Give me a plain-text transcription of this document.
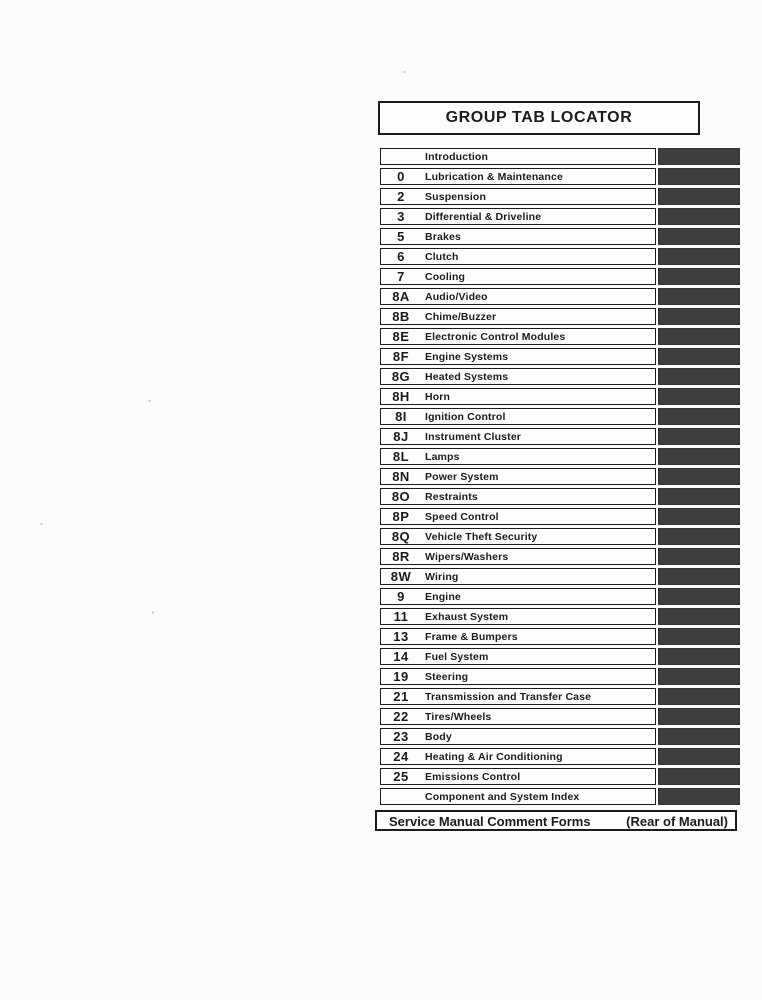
GROUP TAB LOCATOR
Introduction
0	Lubrication & Maintenance
2	Suspension
3	Differential & Driveline
5	Brakes
6	Clutch
7	Cooling
8A	Audio/Video
8B	Chime/Buzzer
8E	Electronic Control Modules
8F	Engine Systems
8G	Heated Systems
8H	Horn
8I	Ignition Control
8J	Instrument Cluster
8L	Lamps
8N	Power System
8O	Restraints
8P	Speed Control
8Q	Vehicle Theft Security
8R	Wipers/Washers
8W	Wiring
9	Engine
11	Exhaust System
13	Frame & Bumpers
14	Fuel System
19	Steering
21	Transmission and Transfer Case
22	Tires/Wheels
23	Body
24	Heating & Air Conditioning
25	Emissions Control
Component and System Index
Service Manual Comment Forms	(Rear of Manual)
